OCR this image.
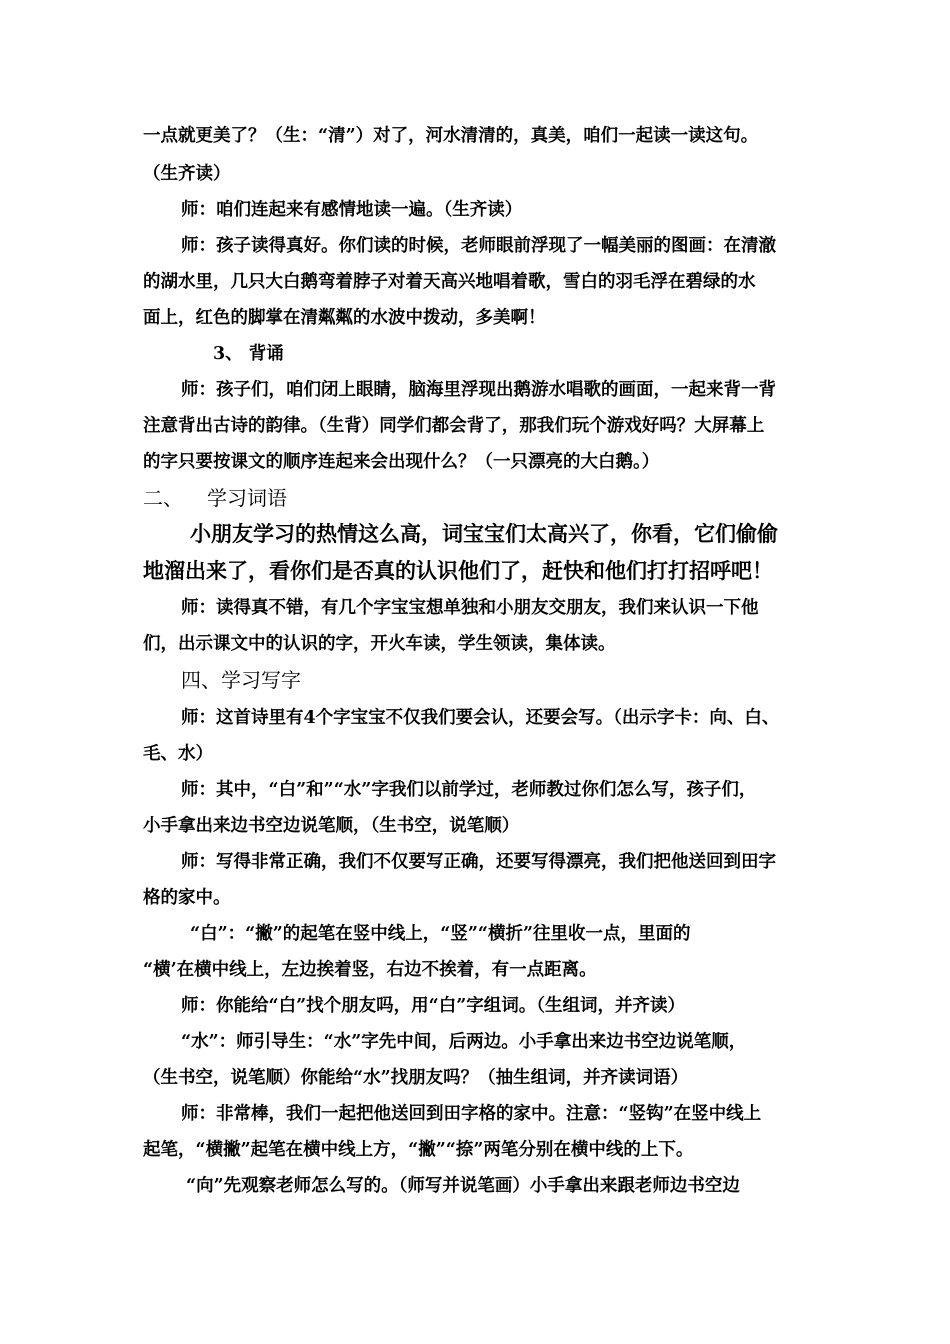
一点就更美了？（生：“清”）对了，河水清清的，真美，咱们一起读一读这句。
（生齐读）
师：咱们连起来有感情地读一遍。（生齐读）
师：孩子读得真好。你们读的时候，老师眼前浮现了一幅美丽的图画：在清澈
的湖水里，几只大白鹅弯着脖子对着天高兴地唱着歌，雪白的羽毛浮在碧绿的水
面上，红色的脚掌在清粼粼的水波中拨动，多美啊！
3、 背诵
师：孩子们，咱们闭上眼睛，脑海里浮现出鹅游水唱歌的画面，一起来背一背
注意背出古诗的韵律。（生背）同学们都会背了，那我们玩个游戏好吗？大屏幕上
的字只要按课文的顺序连起来会出现什么？（一只漂亮的大白鹅。）
二、 学习词语
小朋友学习的热情这么高，词宝宝们太高兴了，你看，它们偷偷
地溜出来了，看你们是否真的认识他们了，赶快和他们打打招呼吧！
师：读得真不错，有几个字宝宝想单独和小朋友交朋友，我们来认识一下他
们，出示课文中的认识的字，开火车读，学生领读，集体读。
四、学习写字
师：这首诗里有4个字宝宝不仅我们要会认，还要会写。（出示字卡：向、白、
毛、水）
师：其中，“白”和”“水”字我们以前学过，老师教过你们怎么写，孩子们，
小手拿出来边书空边说笔顺，（生书空，说笔顺）
师：写得非常正确，我们不仅要写正确，还要写得漂亮，我们把他送回到田字
格的家中。
“白”：“撇”的起笔在竖中线上，“竖”“横折”往里收一点，里面的
“横’在横中线上，左边挨着竖，右边不挨着，有一点距离。
师：你能给“白”找个朋友吗，用“白”字组词。（生组词，并齐读）
“水”：师引导生：“水”字先中间，后两边。小手拿出来边书空边说笔顺，
（生书空，说笔顺）你能给“水”找朋友吗？（抽生组词，并齐读词语）
师：非常棒，我们一起把他送回到田字格的家中。注意：“竖钩”在竖中线上
起笔，“横撇”起笔在横中线上方，“撇”“捺”两笔分别在横中线的上下。
“向”先观察老师怎么写的。（师写并说笔画）小手拿出来跟老师边书空边
